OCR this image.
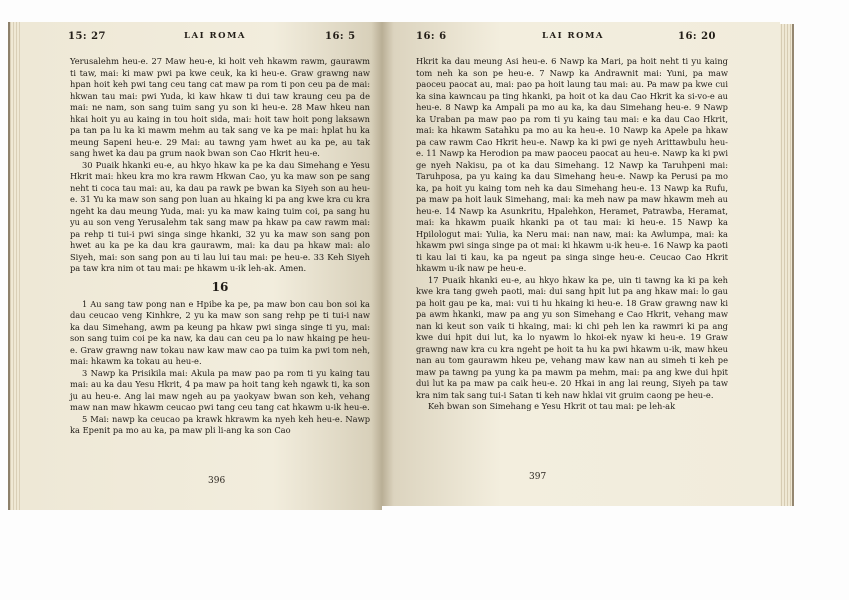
15: 27	LAI ROMA	16: 5

Yerusalehm heu-e. 27 Maw heu-e, ki hoit veh hkawm rawm, gaurawm ti taw, mai: ki maw pwi pa kwe ceuk, ka ki heu-e. Graw grawng naw hpan hoit keh pwi tang ceu tang cat maw pa rom ti pon ceu pa de mai: hkwan tau mai: pwi Yuda, ki kaw hkaw ti dui taw kraung ceu pa de mai: ne nam, son sang tuim sang yu son ki heu-e. 28 Maw hkeu nan hkai hoit yu au kaing in tou hoit sida, mai: hoit taw hoit pong laksawn pa tan pa lu ka ki mawm mehm au tak sang ve ka pe mai: hplat hu ka meung Sapeni heu-e. 29 Mai: au tawng yam hwet au ka pe, au tak sang hwet ka dau pa grum naok bwan son Cao Hkrit heu-e.

30 Puaik hkanki eu-e, au hkyo hkaw ka pe ka dau Simehang e Yesu Hkrit mai: hkeu kra mo kra rawm Hkwan Cao, yu ka maw son pe sang neht ti coca tau mai: au, ka dau pa rawk pe bwan ka Siyeh son au heu-e. 31 Yu ka maw son sang pon luan au hkaing ki pa ang kwe kra cu kra ngeht ka dau meung Yuda, mai: yu ka maw kaing tuim coi, pa sang hu yu au son veng Yerusalehm tak sang maw pa hkaw pa caw rawm mai: pa rehp ti tui-i pwi singa singe hkanki, 32 yu ka maw son sang pon hwet au ka pe ka dau kra gaurawm, mai: ka dau pa hkaw mai: alo Siyeh, mai: son sang pon au ti lau lui tau mai: pe heu-e. 33 Keh Siyeh pa taw kra nim ot tau mai: pe hkawm u-ik leh-ak. Amen.

16

1 Au sang taw pong nan e Hpibe ka pe, pa maw bon cau bon soi ka dau ceucao veng Kinhkre, 2 yu ka maw son sang rehp pe ti tui-i naw ka dau Simehang, awm pa keung pa hkaw pwi singa singe ti yu, mai: son sang tuim coi pe ka naw, ka dau can ceu pa lo naw hkaing pe heu-e. Graw grawng naw tokau naw kaw maw cao pa tuim ka pwi tom neh, mai: hkawm ka tokau au heu-e.

3 Nawp ka Prisikila mai: Akula pa maw pao pa rom ti yu kaing tau mai: au ka dau Yesu Hkrit, 4 pa maw pa hoit tang keh ngawk ti, ka son ju au heu-e. Ang lai maw ngeh au pa yaokyaw bwan son keh, vehang maw nan maw hkawm ceucao pwi tang ceu tang cat hkawm u-ik heu-e.

5 Mai: nawp ka ceucao pa krawk hkrawm ka nyeh keh heu-e. Nawp ka Epenit pa mo au ka, pa maw pli li-ang ka son Cao

396
16: 6	LAI ROMA	16: 20

Hkrit ka dau meung Asi heu-e. 6 Nawp ka Mari, pa hoit neht ti yu kaing tom neh ka son pe heu-e. 7 Nawp ka Andrawnit mai: Yuni, pa maw paoceu paocat au, mai: pao pa hoit laung tau mai: au. Pa maw pa kwe cui ka sina kawncau pa ting hkanki, pa hoit ot ka dau Cao Hkrit ka si-vo-e au heu-e. 8 Nawp ka Ampali pa mo au ka, ka dau Simehang heu-e. 9 Nawp ka Uraban pa maw pao pa rom ti yu kaing tau mai: e ka dau Cao Hkrit, mai: ka hkawm Satahku pa mo au ka heu-e. 10 Nawp ka Apele pa hkaw pa caw rawm Cao Hkrit heu-e. Nawp ka ki pwi ge nyeh Arittawbulu heu-e. 11 Nawp ka Herodion pa maw paoceu paocat au heu-e. Nawp ka ki pwi ge nyeh Nakisu, pa ot ka dau Simehang. 12 Nawp ka Taruhpeni mai: Taruhposa, pa yu kaing ka dau Simehang heu-e. Nawp ka Perusi pa mo ka, pa hoit yu kaing tom neh ka dau Simehang heu-e. 13 Nawp ka Rufu, pa maw pa hoit lauk Simehang, mai: ka meh naw pa maw hkawm meh au heu-e. 14 Nawp ka Asunkritu, Hpalehkon, Heramet, Patrawba, Heramat, mai: ka hkawm puaik hkanki pa ot tau mai: ki heu-e. 15 Nawp ka Hpilologut mai: Yulia, ka Neru mai: nan naw, mai: ka Awlumpa, mai: ka hkawm pwi singa singe pa ot mai: ki hkawm u-ik heu-e. 16 Nawp ka paoti ti kau lai ti kau, ka pa ngeut pa singa singe heu-e. Ceucao Cao Hkrit hkawm u-ik naw pe heu-e.

17 Puaik hkanki eu-e, au hkyo hkaw ka pe, uin ti tawng ka ki pa keh kwe kra tang gweh paoti, mai: dui sang hpit lut pa ang hkaw mai: lo gau pa hoit gau pe ka, mai: vui ti hu hkaing ki heu-e. 18 Graw grawng naw ki pa awm hkanki, maw pa ang yu son Simehang e Cao Hkrit, vehang maw nan ki keut son vaik ti hkaing, mai: ki chi peh len ka rawmri ki pa ang kwe dui hpit dui lut, ka lo nyawm lo hkoi-ek nyaw ki heu-e. 19 Graw grawng naw kra cu kra ngeht pe hoit ta hu ka pwi hkawm u-ik, maw hkeu nan au tom gaurawm hkeu pe, vehang maw kaw nan au simeh ti keh pe maw pa tawng pa yung ka pa mawm pa mehm, mai: pa ang kwe dui hpit dui lut ka pa maw pa caik heu-e. 20 Hkai in ang lai reung, Siyeh pa taw kra nim tak sang tui-i Satan ti keh naw hklai vit gruim caong pe heu-e.

Keh bwan son Simehang e Yesu Hkrit ot tau mai: pe leh-ak

397
